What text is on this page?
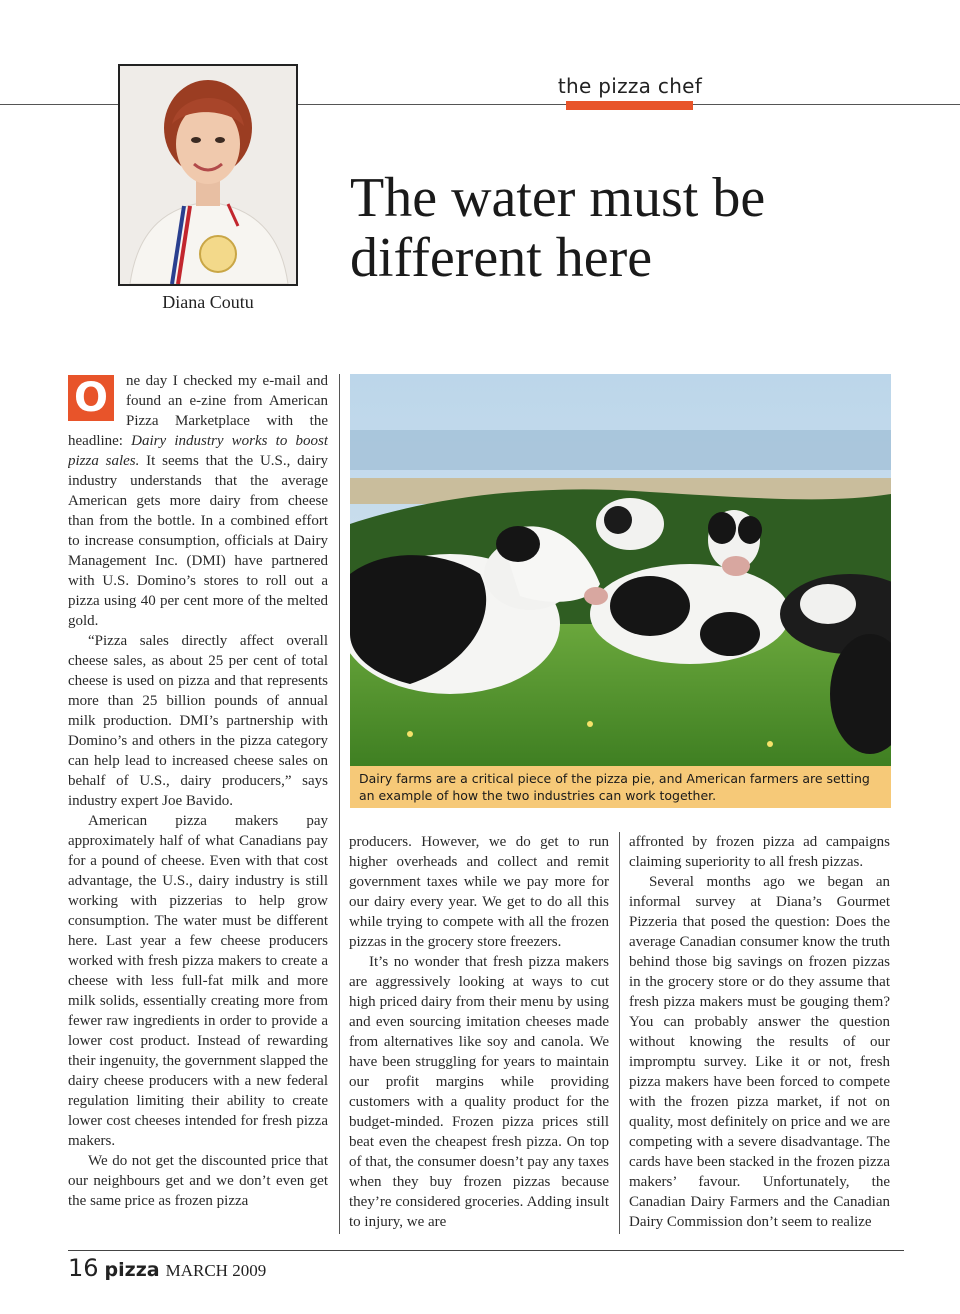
the pizza chef
Diana Coutu
The water must be different here
Dairy farms are a critical piece of the pizza pie, and American farmers are setting an example of how the two industries can work together.

O	ne day I checked my e-mail and found an e-zine from American Pizza Marketplace with the headline: Dairy industry works to boost pizza sales. It seems that the U.S., dairy industry understands that the average American gets more dairy from cheese than from the bottle. In a combined effort to increase consumption, officials at Dairy Management Inc. (DMI) have partnered with U.S. Domino’s stores to roll out a pizza using 40 per cent more of the melted gold.

“Pizza sales directly affect overall cheese sales, as about 25 per cent of total cheese is used on pizza and that represents more than 25 billion pounds of annual milk production. DMI’s partnership with Domino’s and others in the pizza category can help lead to increased cheese sales on behalf of U.S., dairy producers,” says industry expert Joe Bavido.

American pizza makers pay approximately half of what Canadians pay for a pound of cheese. Even with that cost advantage, the U.S., dairy industry is still working with pizzerias to help grow consumption. The water must be different here. Last year a few cheese producers worked with fresh pizza makers to create a cheese with less full-fat milk and more milk solids, essentially creating more from fewer raw ingredients in order to provide a lower cost product. Instead of rewarding their ingenuity, the government slapped the dairy cheese producers with a new federal regulation limiting their ability to create lower cost cheeses intended for fresh pizza makers.

We do not get the discounted price that our neighbours get and we don’t even get the same price as frozen pizza

producers. However, we do get to run higher overheads and collect and remit government taxes while we pay more for our dairy every year. We get to do all this while trying to compete with all the frozen pizzas in the grocery store freezers.

It’s no wonder that fresh pizza makers are aggressively looking at ways to cut high priced dairy from their menu by using and even sourcing imitation cheeses made from alternatives like soy and canola. We have been struggling for years to maintain our profit margins while providing customers with a quality product for the budget-minded. Frozen pizza prices still beat even the cheapest fresh pizza. On top of that, the consumer doesn’t pay any taxes when they buy frozen pizzas because they’re considered groceries. Adding insult to injury, we are

affronted by frozen pizza ad campaigns claiming superiority to all fresh pizzas.

Several months ago we began an informal survey at Diana’s Gourmet Pizzeria that posed the question: Does the average Canadian consumer know the truth behind those big savings on frozen pizzas in the grocery store or do they assume that fresh pizza makers must be gouging them? You can probably answer the question without knowing the results of our impromptu survey. Like it or not, fresh pizza makers have been forced to compete with the frozen pizza market, if not on quality, most definitely on price and we are competing with a severe disadvantage. The cards have been stacked in the frozen pizza makers’ favour. Unfortunately, the Canadian Dairy Farmers and the Canadian Dairy Commission don’t seem to realize

16 pizza MARCH 2009
